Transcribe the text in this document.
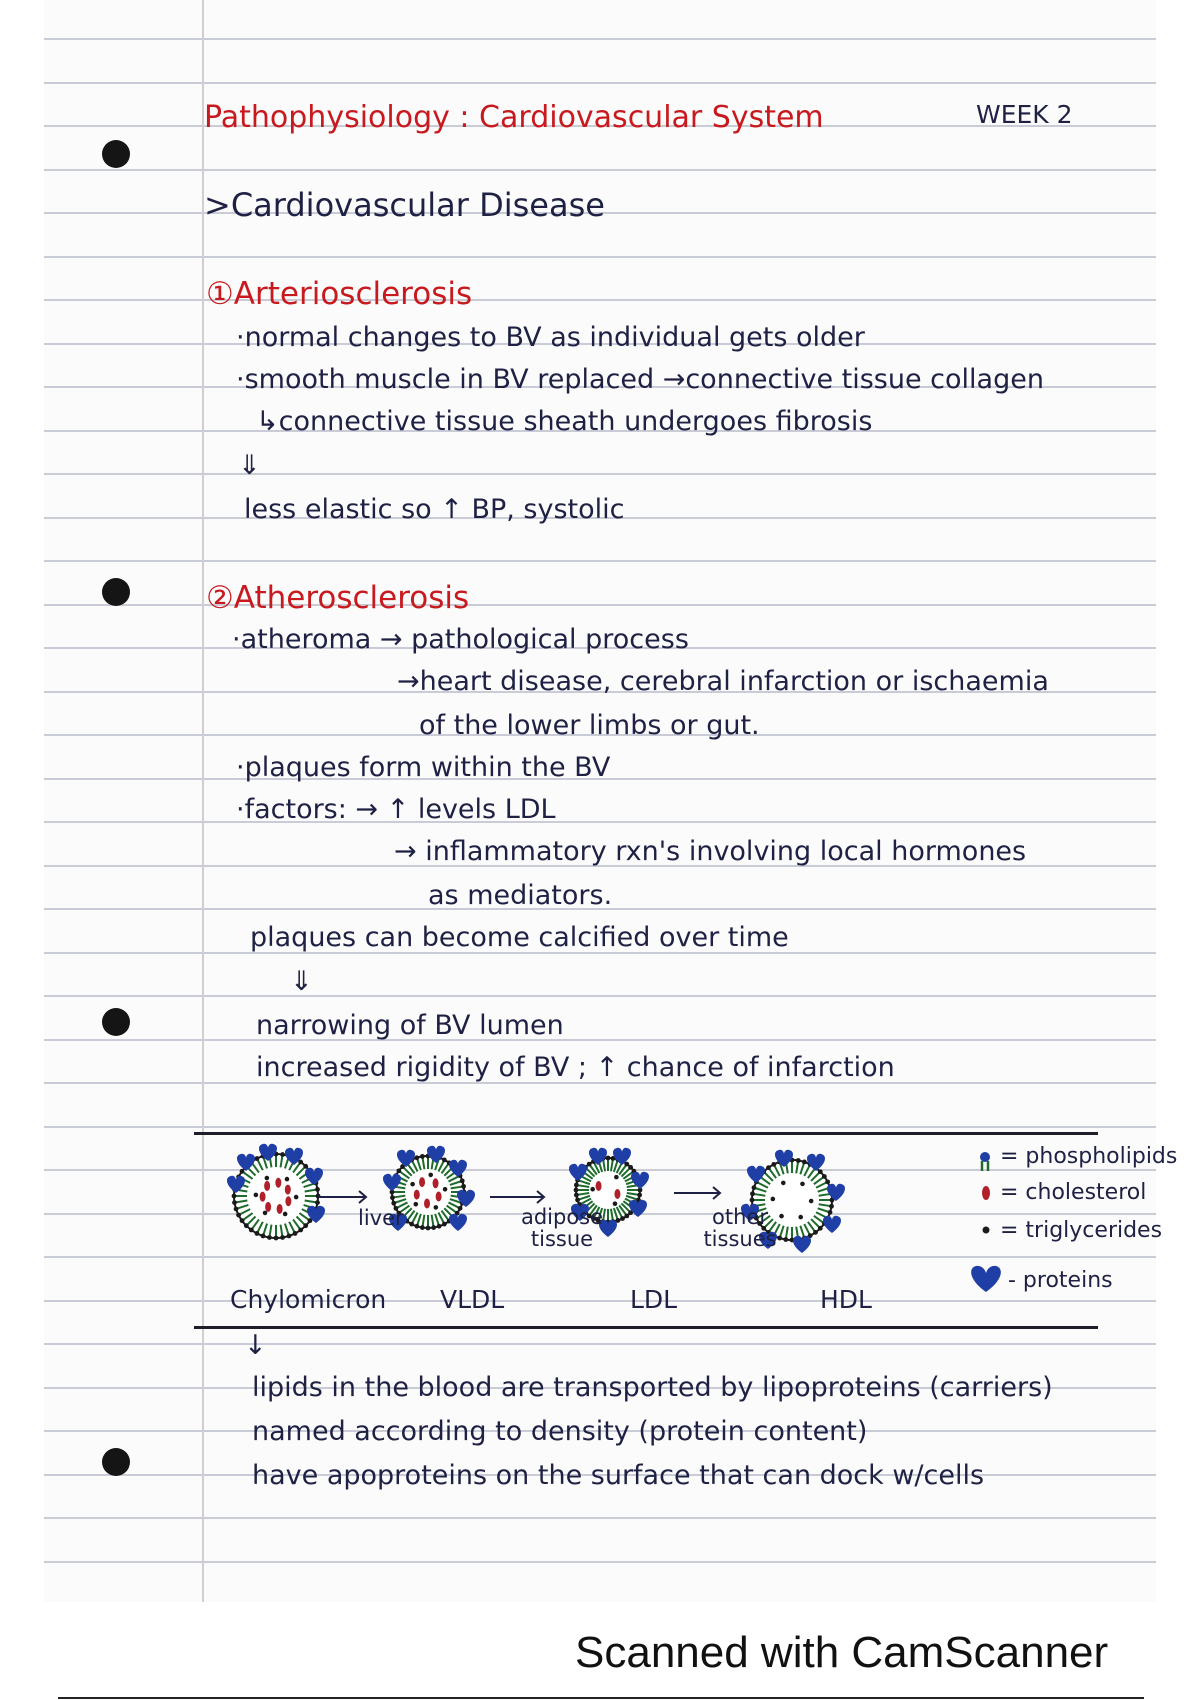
Pathophysiology : Cardiovascular System	WEEK 2
>Cardiovascular Disease
①Arteriosclerosis
·normal changes to BV as individual gets older
·smooth muscle in BV replaced →connective tissue collagen
↳connective tissue sheath undergoes fibrosis
⇓
less elastic so ↑ BP, systolic
②Atherosclerosis
·atheroma → pathological process
→heart disease, cerebral infarction or ischaemia
of the lower limbs or gut.
·plaques form within the BV
·factors: → ↑ levels LDL
→ inflammatory rxn's involving local hormones
as mediators.
plaques can become calcified over time
⇓
narrowing of BV lumen
increased rigidity of BV ; ↑ chance of infarction
liver	adipose tissue
other tissues
Chylomicron VLDL	LDL	HDL
= phospholipids
= cholesterol
= triglycerides
- proteins
↓
lipids in the blood are transported by lipoproteins (carriers)
named according to density (protein content)
have apoproteins on the surface that can dock w/cells
Scanned with CamScanner
